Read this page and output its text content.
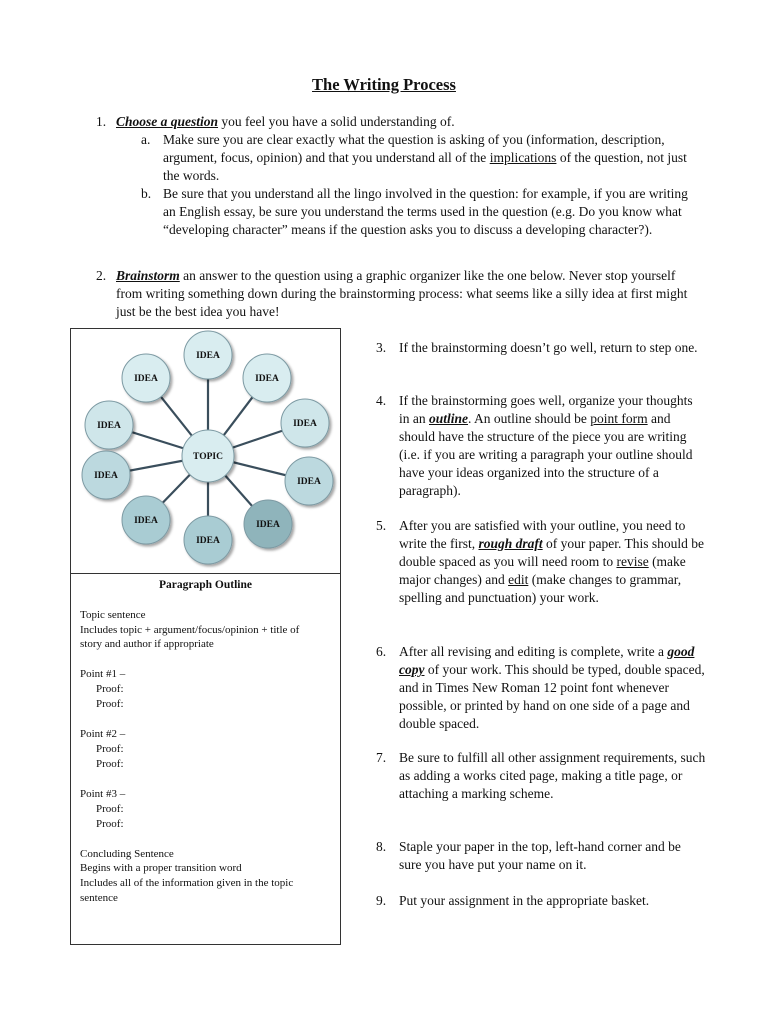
The Writing Process
1. Choose a question you feel you have a solid understanding of.
a. Make sure you are clear exactly what the question is asking of you (information, description, argument, focus, opinion) and that you understand all of the implications of the question, not just the words.
b. Be sure that you understand all the lingo involved in the question: for example, if you are writing an English essay, be sure you understand the terms used in the question (e.g. Do you know what “developing character” means if the question asks you to discuss a developing character?).
2. Brainstorm an answer to the question using a graphic organizer like the one below. Never stop yourself from writing something down during the brainstorming process: what seems like a silly idea at first might just be the best idea you have!
IDEA
IDEA	IDEA
IDEA	IDEA
IDEA
IDEA
IDEA
IDEA
IDEA
TOPIC
Paragraph Outline
Topic sentence
Includes topic + argument/focus/opinion + title of
story and author if appropriate
Point #1 –
Proof:
Proof:
Point #2 –
Proof:
Proof:
Point #3 –
Proof:
Proof:
Concluding Sentence
Begins with a proper transition word
Includes all of the information given in the topic
sentence
3. If the brainstorming doesn’t go well, return to step one.
4. If the brainstorming goes well, organize your thoughts in an outline. An outline should be point form and should have the structure of the piece you are writing (i.e. if you are writing a paragraph your outline should have your ideas organized into the structure of a paragraph).
5. After you are satisfied with your outline, you need to write the first, rough draft of your paper. This should be double spaced as you will need room to revise (make major changes) and edit (make changes to grammar, spelling and punctuation) your work.
6. After all revising and editing is complete, write a good copy of your work. This should be typed, double spaced, and in Times New Roman 12 point font whenever possible, or printed by hand on one side of a page and double spaced.
7. Be sure to fulfill all other assignment requirements, such as adding a works cited page, making a title page, or attaching a marking scheme.
8. Staple your paper in the top, left-hand corner and be sure you have put your name on it.
9. Put your assignment in the appropriate basket.
